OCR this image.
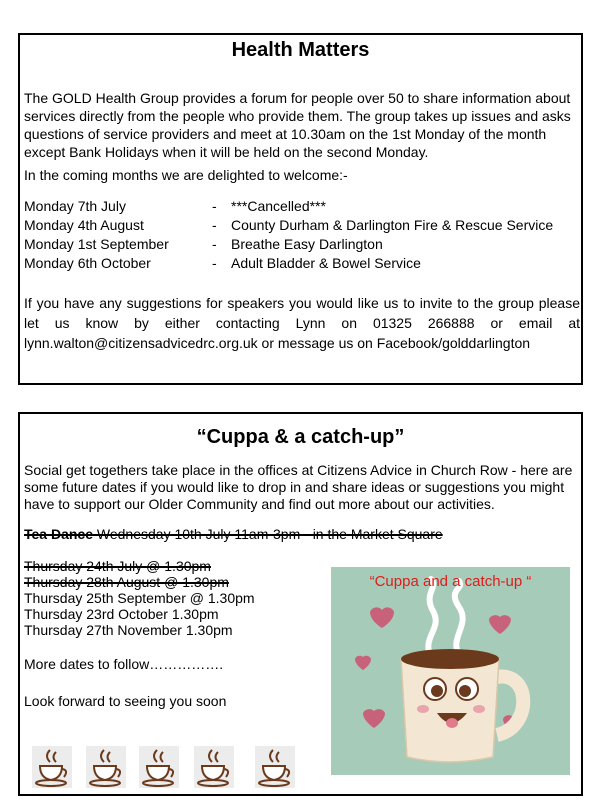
Health Matters

The GOLD Health Group provides a forum for people over 50 to share information about services directly from the people who provide them. The group takes up issues and asks questions of service providers and meet at 10.30am on the 1st Monday of the month except Bank Holidays when it will be held on the second Monday.

In the coming months we are delighted to welcome:-

Monday 7th July	- ***Cancelled***
Monday 4th August	- County Durham & Darlington Fire & Rescue Service
Monday 1st September	- Breathe Easy Darlington
Monday 6th October	- Adult Bladder & Bowel Service

If you have any suggestions for speakers you would like us to invite to the group please let us know by either contacting Lynn on 01325 266888 or email at lynn.walton@citizensadvicedrc.org.uk or message us on Facebook/golddarlington

“Cuppa & a catch-up”

Social get togethers take place in the offices at Citizens Advice in Church Row - here are some future dates if you would like to drop in and share ideas or suggestions you might have to support our Older Community and find out more about our activities.

Tea Dance Wednesday 10th July 11am-3pm - in the Market Square
Thursday 24th July @ 1.30pm
Thursday 28th August @ 1.30pm
Thursday 25th September @ 1.30pm
Thursday 23rd October 1.30pm
Thursday 27th November 1.30pm

More dates to follow…………….

Look forward to seeing you soon

“Cuppa and a catch-up “
